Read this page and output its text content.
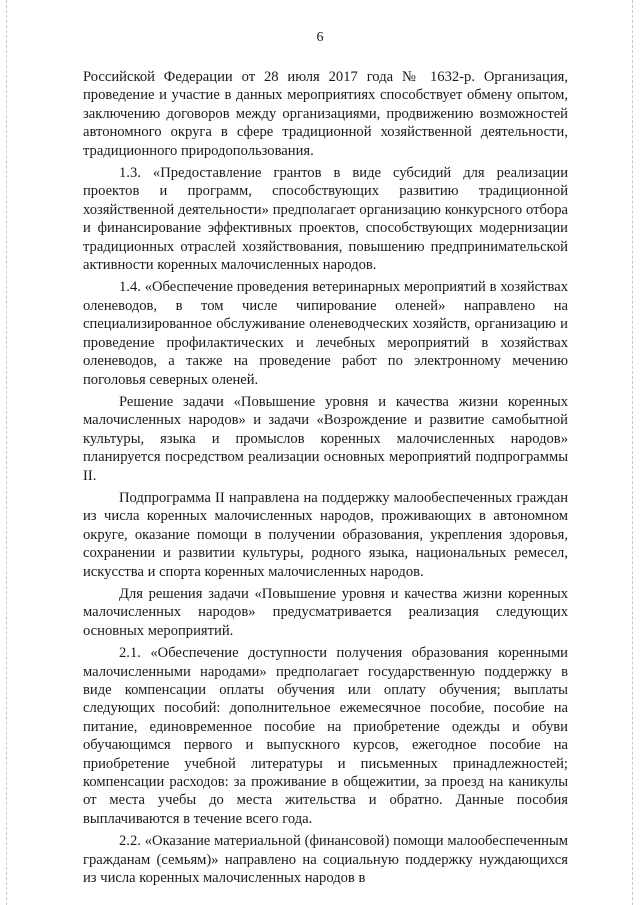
6

Российской Федерации от 28 июля 2017 года № 1632-р. Организация, проведение и участие в данных мероприятиях способствует обмену опытом, заключению договоров между организациями, продвижению возможностей автономного округа в сфере традиционной хозяйственной деятельности, традиционного природопользования.

1.3. «Предоставление грантов в виде субсидий для реализации проектов и программ, способствующих развитию традиционной хозяйственной деятельности» предполагает организацию конкурсного отбора и финансирование эффективных проектов, способствующих модернизации традиционных отраслей хозяйствования, повышению предпринимательской активности коренных малочисленных народов.

1.4. «Обеспечение проведения ветеринарных мероприятий в хозяйствах оленеводов, в том числе чипирование оленей» направлено на специализированное обслуживание оленеводческих хозяйств, организацию и проведение профилактических и лечебных мероприятий в хозяйствах оленеводов, а также на проведение работ по электронному мечению поголовья северных оленей.

Решение задачи «Повышение уровня и качества жизни коренных малочисленных народов» и задачи «Возрождение и развитие самобытной культуры, языка и промыслов коренных малочисленных народов» планируется посредством реализации основных мероприятий подпрограммы II.

Подпрограмма II направлена на поддержку малообеспеченных граждан из числа коренных малочисленных народов, проживающих в автономном округе, оказание помощи в получении образования, укрепления здоровья, сохранении и развитии культуры, родного языка, национальных ремесел, искусства и спорта коренных малочисленных народов.

Для решения задачи «Повышение уровня и качества жизни коренных малочисленных народов» предусматривается реализация следующих основных мероприятий.

2.1. «Обеспечение доступности получения образования коренными малочисленными народами» предполагает государственную поддержку в виде компенсации оплаты обучения или оплату обучения; выплаты следующих пособий: дополнительное ежемесячное пособие, пособие на питание, единовременное пособие на приобретение одежды и обуви обучающимся первого и выпускного курсов, ежегодное пособие на приобретение учебной литературы и письменных принадлежностей; компенсации расходов: за проживание в общежитии, за проезд на каникулы от места учебы до места жительства и обратно. Данные пособия выплачиваются в течение всего года.

2.2. «Оказание материальной (финансовой) помощи малообеспеченным гражданам (семьям)» направлено на социальную поддержку нуждающихся из числа коренных малочисленных народов в
